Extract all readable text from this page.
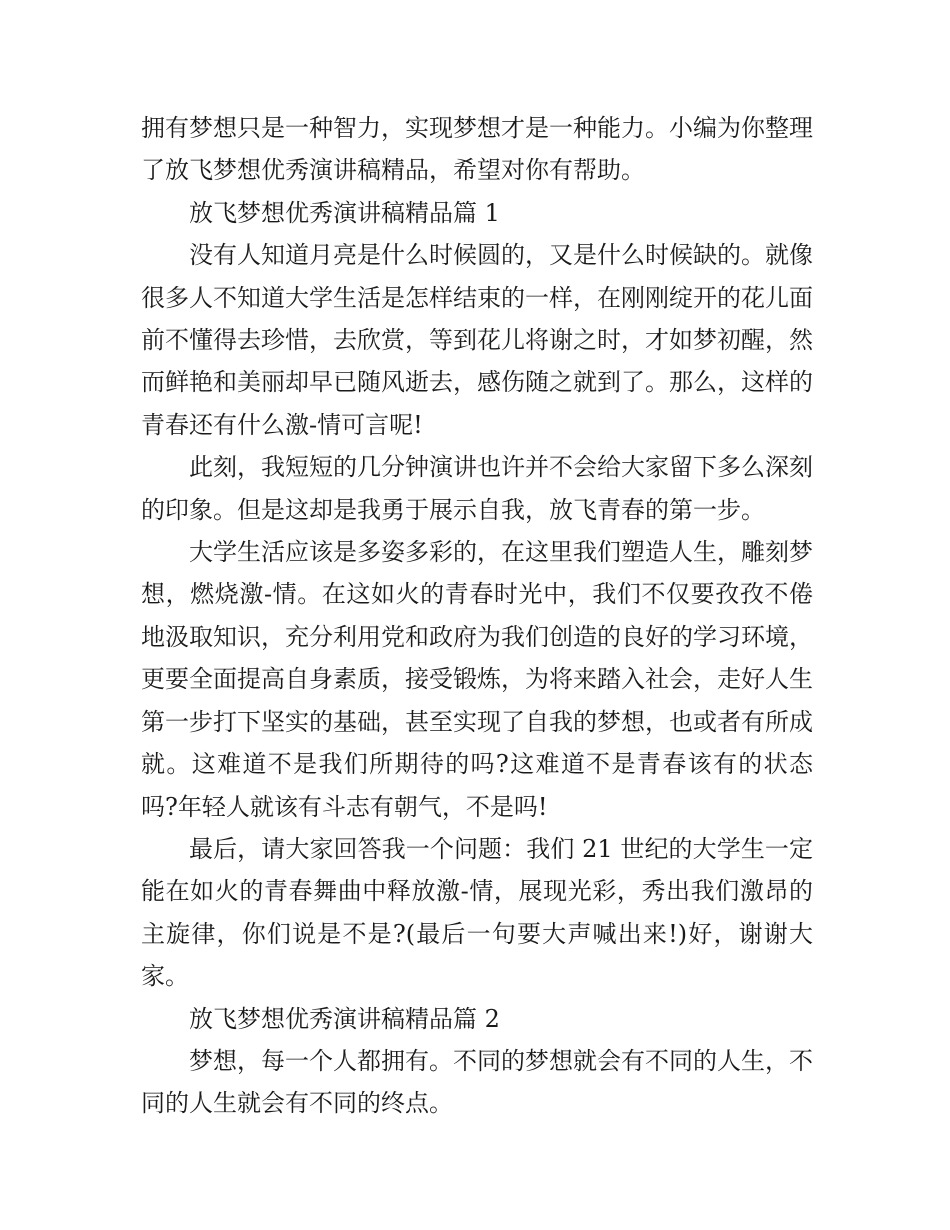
拥有梦想只是一种智力，实现梦想才是一种能力。小编为你整理了放飞梦想优秀演讲稿精品，希望对你有帮助。

放飞梦想优秀演讲稿精品篇 1

没有人知道月亮是什么时候圆的，又是什么时候缺的。就像很多人不知道大学生活是怎样结束的一样，在刚刚绽开的花儿面前不懂得去珍惜，去欣赏，等到花儿将谢之时，才如梦初醒，然而鲜艳和美丽却早已随风逝去，感伤随之就到了。那么，这样的青春还有什么激-情可言呢!

此刻，我短短的几分钟演讲也许并不会给大家留下多么深刻的印象。但是这却是我勇于展示自我，放飞青春的第一步。

大学生活应该是多姿多彩的，在这里我们塑造人生，雕刻梦想，燃烧激-情。在这如火的青春时光中，我们不仅要孜孜不倦地汲取知识，充分利用党和政府为我们创造的良好的学习环境，更要全面提高自身素质，接受锻炼，为将来踏入社会，走好人生第一步打下坚实的基础，甚至实现了自我的梦想，也或者有所成就。这难道不是我们所期待的吗?这难道不是青春该有的状态吗?年轻人就该有斗志有朝气，不是吗!

最后，请大家回答我一个问题：我们 21 世纪的大学生一定能在如火的青春舞曲中释放激-情，展现光彩，秀出我们激昂的主旋律，你们说是不是?(最后一句要大声喊出来!)好，谢谢大家。

放飞梦想优秀演讲稿精品篇 2

梦想，每一个人都拥有。不同的梦想就会有不同的人生，不同的人生就会有不同的终点。
